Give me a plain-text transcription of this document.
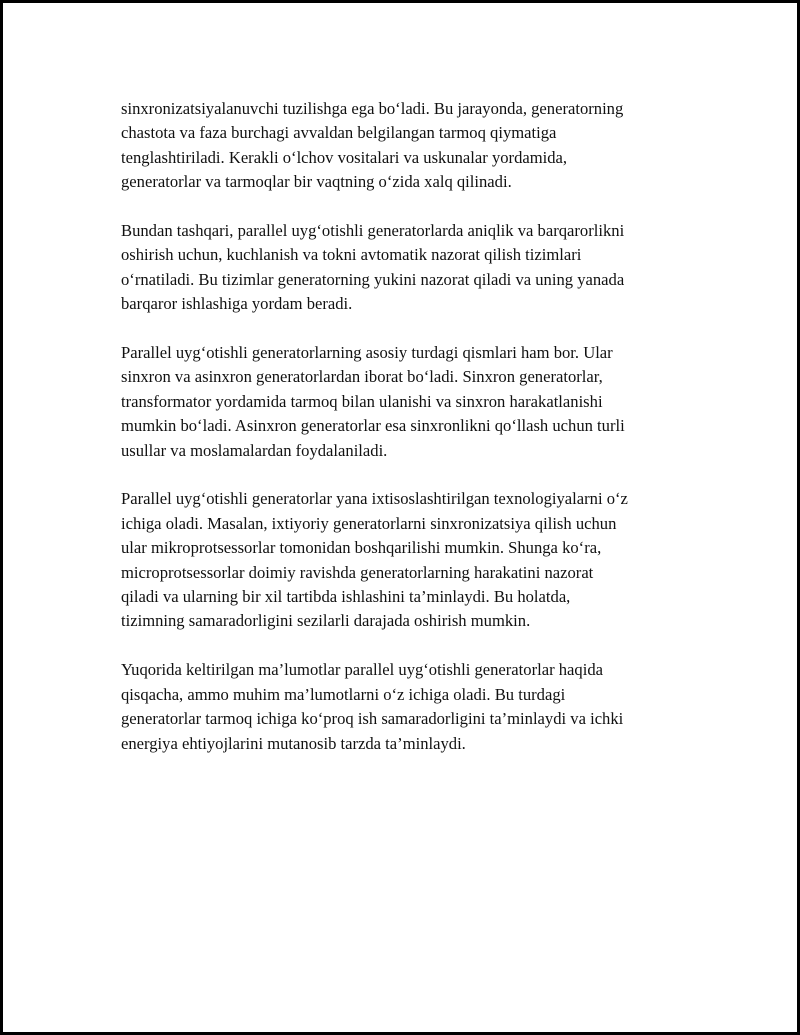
sinxronizatsiyalanuvchi tuzilishga ega bo‘ladi. Bu jarayonda, generatorning
chastota va faza burchagi avvaldan belgilangan tarmoq qiymatiga
tenglashtiriladi. Kerakli o‘lchov vositalari va uskunalar yordamida,
generatorlar va tarmoqlar bir vaqtning o‘zida xalq qilinadi.

Bundan tashqari, parallel uyg‘otishli generatorlarda aniqlik va barqarorlikni
oshirish uchun, kuchlanish va tokni avtomatik nazorat qilish tizimlari
o‘rnatiladi. Bu tizimlar generatorning yukini nazorat qiladi va uning yanada
barqaror ishlashiga yordam beradi.

Parallel uyg‘otishli generatorlarning asosiy turdagi qismlari ham bor. Ular
sinxron va asinxron generatorlardan iborat bo‘ladi. Sinxron generatorlar,
transformator yordamida tarmoq bilan ulanishi va sinxron harakatlanishi
mumkin bo‘ladi. Asinxron generatorlar esa sinxronlikni qo‘llash uchun turli
usullar va moslamalardan foydalaniladi.

Parallel uyg‘otishli generatorlar yana ixtisoslashtirilgan texnologiyalarni o‘z
ichiga oladi. Masalan, ixtiyoriy generatorlarni sinxronizatsiya qilish uchun
ular mikroprotsessorlar tomonidan boshqarilishi mumkin. Shunga ko‘ra,
microprotsessorlar doimiy ravishda generatorlarning harakatini nazorat
qiladi va ularning bir xil tartibda ishlashini ta’minlaydi. Bu holatda,
tizimning samaradorligini sezilarli darajada oshirish mumkin.

Yuqorida keltirilgan ma’lumotlar parallel uyg‘otishli generatorlar haqida
qisqacha, ammo muhim ma’lumotlarni o‘z ichiga oladi. Bu turdagi
generatorlar tarmoq ichiga ko‘proq ish samaradorligini ta’minlaydi va ichki
energiya ehtiyojlarini mutanosib tarzda ta’minlaydi.
